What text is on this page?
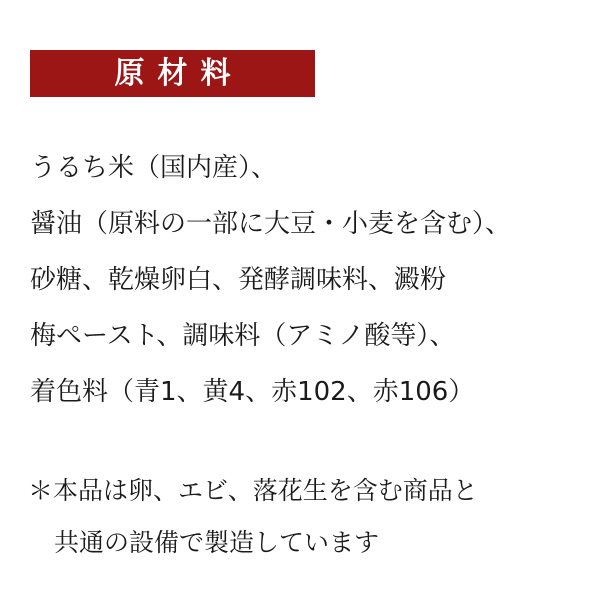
原材料
うるち米（国内産）、
醤油（原料の一部に大豆・小麦を含む）、
砂糖、乾燥卵白、発酵調味料、澱粉
梅ペースト、調味料（アミノ酸等）、
着色料（青1、黄4、赤102、赤106）
＊本品は卵、エビ、落花生を含む商品と
共通の設備で製造しています
